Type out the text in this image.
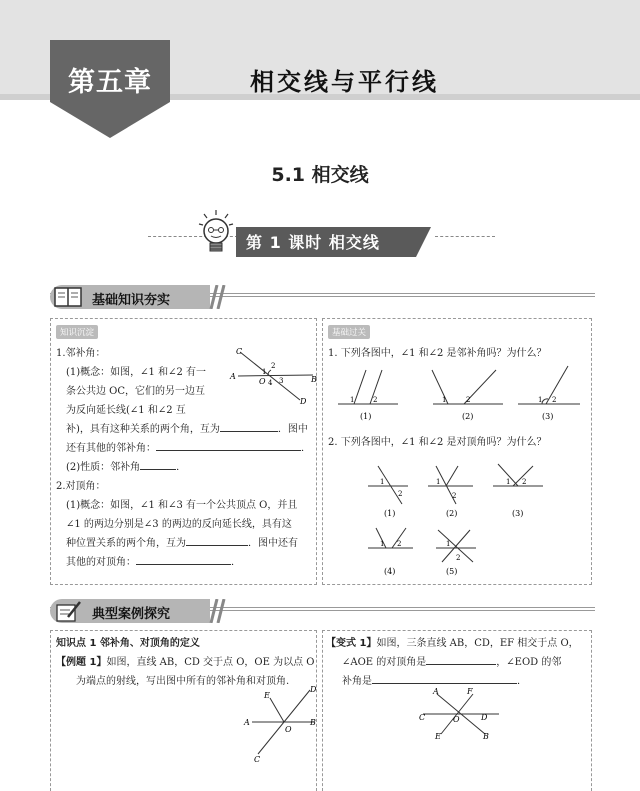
第五章	相交线与平行线
5.1 相交线
第 1 课时 相交线
基础知识夯实
知识沉淀
1.邻补角：
(1)概念：如图，∠1 和∠2 有一
条公共边 OC，它们的另一边互
为反向延长线(∠1 和∠2 互
补)，具有这种关系的两个角，互为	．图中
还有其他的邻补角：	．
(2)性质：邻补角	．
2.对顶角：
(1)概念：如图，∠1 和∠3 有一个公共顶点 O，并且
∠1 的两边分别是∠3 的两边的反向延长线，具有这
种位置关系的两个角，互为	．图中还有
其他的对顶角：	．
C
A
O	B
D
1
2
3
4
基础过关
1. 下列各图中，∠1 和∠2 是邻补角吗？为什么？
1	2	1	2	1 2
(1)	(2)	(3)
2. 下列各图中，∠1 和∠2 是对顶角吗？为什么？
1
2
1
2
1 2
1 2	1
2
(1)	(2)	(3)
(4)	(5)
典型案例探究
知识点 1 邻补角、对顶角的定义
【例题 1】如图，直线 AB，CD 交于点 O，OE 为以点 O
为端点的射线，写出图中所有的邻补角和对顶角.
E
D
A
O
B
C
【变式 1】如图，三条直线 AB，CD，EF 相交于点 O，
∠AOE 的对顶角是	，∠EOD 的邻
补角是	．
A	F
C	O	D
E	B
